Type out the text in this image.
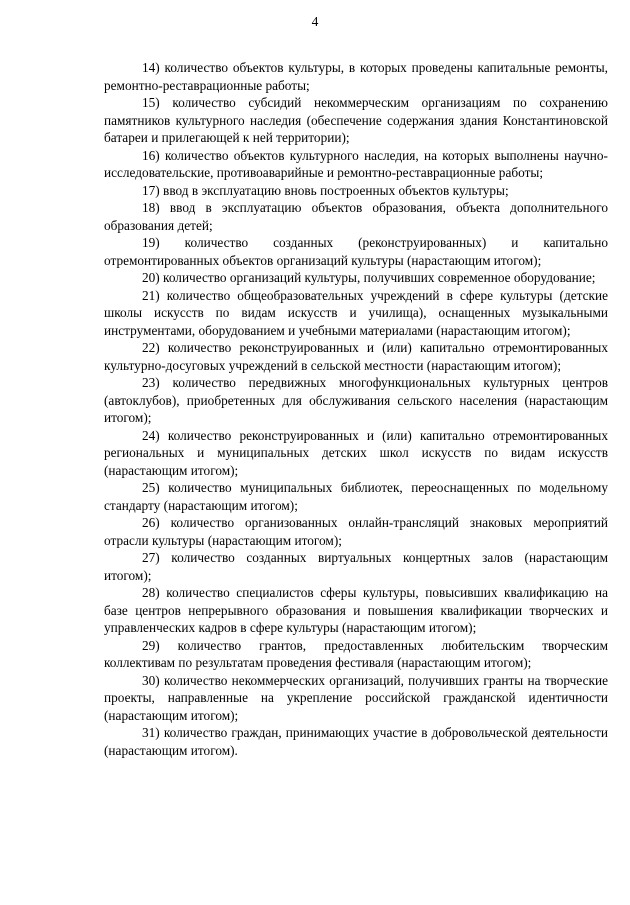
4

14) количество объектов культуры, в которых проведены капитальные ремонты, ремонтно-реставрационные работы;

15) количество субсидий некоммерческим организациям по сохранению памятников культурного наследия (обеспечение содержания здания Константиновской батареи и прилегающей к ней территории);

16) количество объектов культурного наследия, на которых выполнены научно-исследовательские, противоаварийные и ремонтно-реставрационные работы;

17) ввод в эксплуатацию вновь построенных объектов культуры;

18) ввод в эксплуатацию объектов образования, объекта дополнительного образования детей;

19) количество созданных (реконструированных) и капитально отремонтированных объектов организаций культуры (нарастающим итогом);

20) количество организаций культуры, получивших современное оборудование;

21) количество общеобразовательных учреждений в сфере культуры (детские школы искусств по видам искусств и училища), оснащенных музыкальными инструментами, оборудованием и учебными материалами (нарастающим итогом);

22) количество реконструированных и (или) капитально отремонтированных культурно-досуговых учреждений в сельской местности (нарастающим итогом);

23) количество передвижных многофункциональных культурных центров (автоклубов), приобретенных для обслуживания сельского населения (нарастающим итогом);

24) количество реконструированных и (или) капитально отремонтированных региональных и муниципальных детских школ искусств по видам искусств (нарастающим итогом);

25) количество муниципальных библиотек, переоснащенных по модельному стандарту (нарастающим итогом);

26) количество организованных онлайн-трансляций знаковых мероприятий отрасли культуры (нарастающим итогом);

27) количество созданных виртуальных концертных залов (нарастающим итогом);

28) количество специалистов сферы культуры, повысивших квалификацию на базе центров непрерывного образования и повышения квалификации творческих и управленческих кадров в сфере культуры (нарастающим итогом);

29) количество грантов, предоставленных любительским творческим коллективам по результатам проведения фестиваля (нарастающим итогом);

30) количество некоммерческих организаций, получивших гранты на творческие проекты, направленные на укрепление российской гражданской идентичности (нарастающим итогом);

31) количество граждан, принимающих участие в добровольческой деятельности (нарастающим итогом).
